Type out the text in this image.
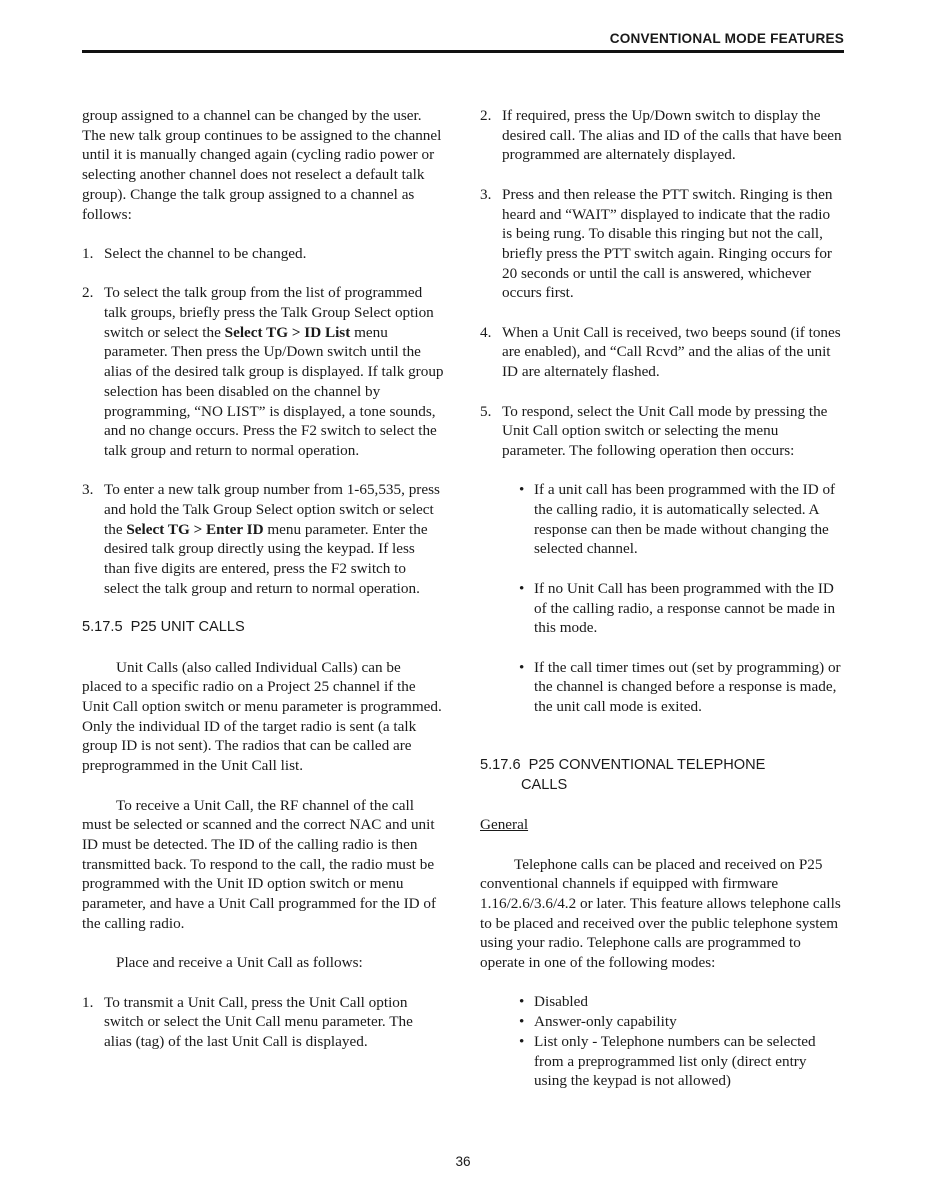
CONVENTIONAL MODE FEATURES

group assigned to a channel can be changed by the user. The new talk group continues to be assigned to the channel until it is manually changed again (cycling radio power or selecting another channel does not reselect a default talk group). Change the talk group assigned to a channel as follows:

1. Select the channel to be changed.
2. To select the talk group from the list of programmed talk groups, briefly press the Talk Group Select option switch or select the Select TG > ID List menu parameter. Then press the Up/Down switch until the alias of the desired talk group is displayed. If talk group selection has been disabled on the channel by programming, “NO LIST” is displayed, a tone sounds, and no change occurs. Press the F2 switch to select the talk group and return to normal operation.
3. To enter a new talk group number from 1-65,535, press and hold the Talk Group Select option switch or select the Select TG > Enter ID menu parameter. Enter the desired talk group directly using the keypad. If less than five digits are entered, press the F2 switch to select the talk group and return to normal operation.
5.17.5 P25 UNIT CALLS

Unit Calls (also called Individual Calls) can be placed to a specific radio on a Project 25 channel if the Unit Call option switch or menu parameter is programmed. Only the individual ID of the target radio is sent (a talk group ID is not sent). The radios that can be called are preprogrammed in the Unit Call list.

To receive a Unit Call, the RF channel of the call must be selected or scanned and the correct NAC and unit ID must be detected. The ID of the calling radio is then transmitted back. To respond to the call, the radio must be programmed with the Unit ID option switch or menu parameter, and have a Unit Call programmed for the ID of the calling radio.

Place and receive a Unit Call as follows:

1. To transmit a Unit Call, press the Unit Call option switch or select the Unit Call menu parameter. The alias (tag) of the last Unit Call is displayed.
2. If required, press the Up/Down switch to display the desired call. The alias and ID of the calls that have been programmed are alternately displayed.
3. Press and then release the PTT switch. Ringing is then heard and “WAIT” displayed to indicate that the radio is being rung. To disable this ringing but not the call, briefly press the PTT switch again. Ringing occurs for 20 seconds or until the call is answered, whichever occurs first.
4. When a Unit Call is received, two beeps sound (if tones are enabled), and “Call Rcvd” and the alias of the unit ID are alternately flashed.
5. To respond, select the Unit Call mode by pressing the Unit Call option switch or selecting the menu parameter. The following operation then occurs:
• If a unit call has been programmed with the ID of the calling radio, it is automatically selected. A response can then be made without changing the selected channel.
• If no Unit Call has been programmed with the ID of the calling radio, a response cannot be made in this mode.
• If the call timer times out (set by programming) or the channel is changed before a response is made, the unit call mode is exited.
5.17.6 P25 CONVENTIONAL TELEPHONE
CALLS

General

Telephone calls can be placed and received on P25 conventional channels if equipped with firmware 1.16/2.6/3.6/4.2 or later. This feature allows telephone calls to be placed and received over the public telephone system using your radio. Telephone calls are programmed to operate in one of the following modes:

• Disabled
• Answer-only capability
• List only - Telephone numbers can be selected from a preprogrammed list only (direct entry using the keypad is not allowed)
36
